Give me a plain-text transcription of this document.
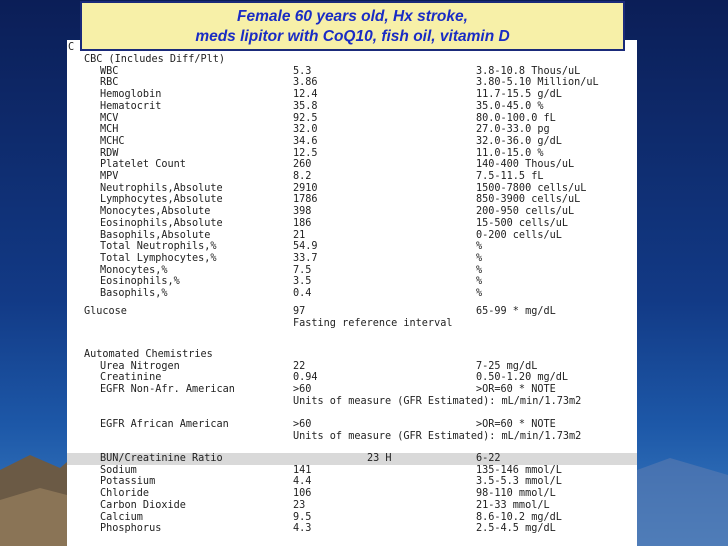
Female 60 years old, Hx stroke,
meds lipitor with CoQ10, fish oil, vitamin D
C
CBC (Includes Diff/Plt)
WBC	5.3	3.8-10.8 Thous/uL
RBC	3.86	3.80-5.10 Million/uL
Hemoglobin	12.4	11.7-15.5 g/dL
Hematocrit	35.8	35.0-45.0 %
MCV	92.5	80.0-100.0 fL
MCH	32.0	27.0-33.0 pg
MCHC	34.6	32.0-36.0 g/dL
RDW	12.5	11.0-15.0 %
Platelet Count	260	140-400 Thous/uL
MPV	8.2	7.5-11.5 fL
Neutrophils,Absolute	2910	1500-7800 cells/uL
Lymphocytes,Absolute	1786	850-3900 cells/uL
Monocytes,Absolute	398	200-950 cells/uL
Eosinophils,Absolute	186	15-500 cells/uL
Basophils,Absolute	21	0-200 cells/uL
Total Neutrophils,%	54.9	%
Total Lymphocytes,%	33.7	%
Monocytes,%	7.5	%
Eosinophils,%	3.5	%
Basophils,%	0.4	%
Glucose	97	65-99 * mg/dL
Fasting reference interval
Automated Chemistries
Urea Nitrogen	22	7-25 mg/dL
Creatinine	0.94	0.50-1.20 mg/dL
EGFR Non-Afr. American	>60	>OR=60 * NOTE
Units of measure (GFR Estimated): mL/min/1.73m2
EGFR African American	>60	>OR=60 * NOTE
Units of measure (GFR Estimated): mL/min/1.73m2
BUN/Creatinine Ratio	23 H	6-22
Sodium	141	135-146 mmol/L
Potassium	4.4	3.5-5.3 mmol/L
Chloride	106	98-110 mmol/L
Carbon Dioxide	23	21-33 mmol/L
Calcium	9.5	8.6-10.2 mg/dL
Phosphorus	4.3	2.5-4.5 mg/dL
